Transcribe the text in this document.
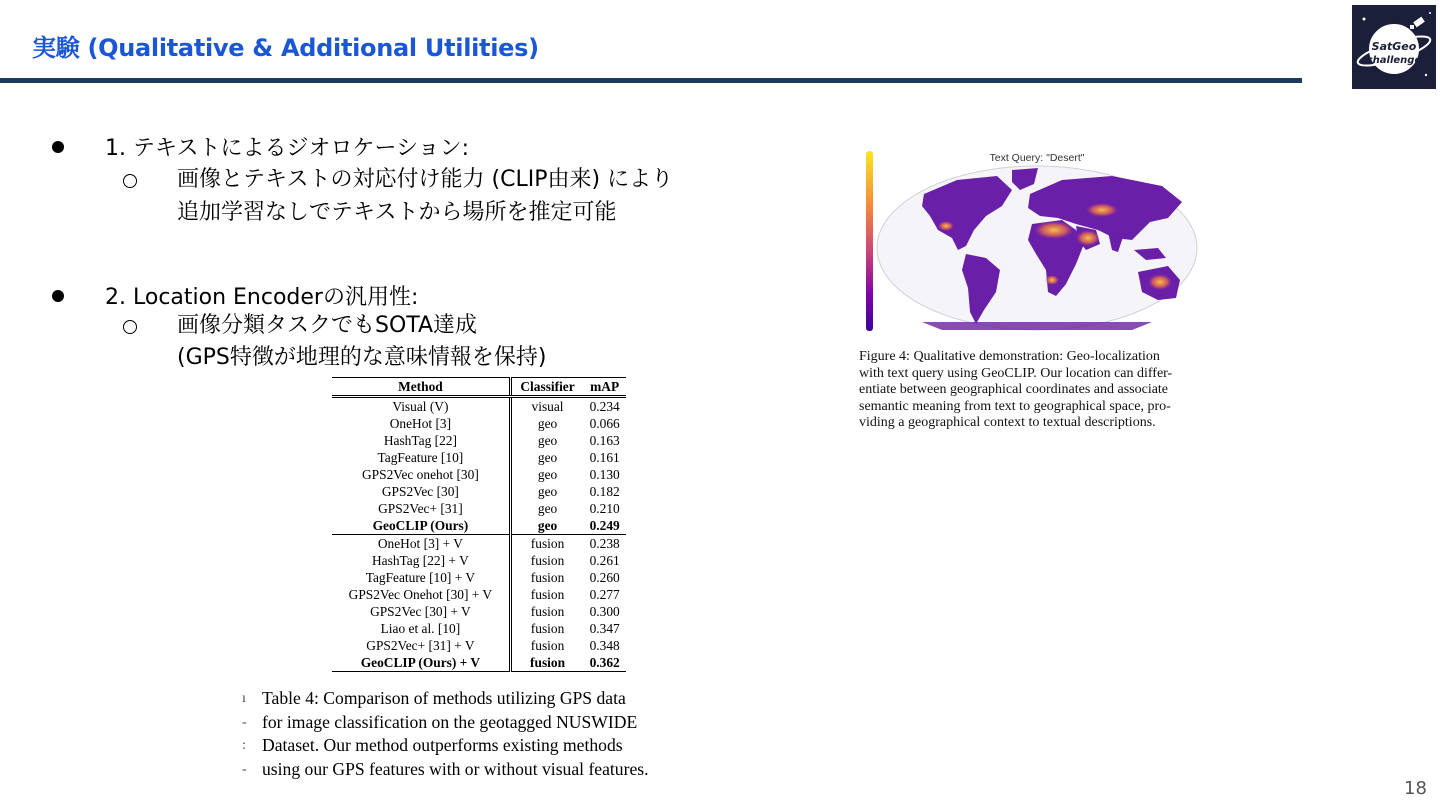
実験 (Qualitative & Additional Utilities)	SatGeo
challenge
1. テキストによるジオロケーション:
画像とテキストの対応付け能力 (CLIP由来) により
追加学習なしでテキストから場所を推定可能
2. Location Encoderの汎用性:
画像分類タスクでもSOTA達成
(GPS特徴が地理的な意味情報を保持)
Method	Classifier	mAP
Visual (V)	visual	0.234
OneHot [3]	geo	0.066
HashTag [22]	geo	0.163
TagFeature [10]	geo	0.161
GPS2Vec onehot [30]	geo	0.130
GPS2Vec [30]	geo	0.182
GPS2Vec+ [31]	geo	0.210
GeoCLIP (Ours)	geo	0.249
OneHot [3] + V	fusion	0.238
HashTag [22] + V	fusion	0.261
TagFeature [10] + V	fusion	0.260
GPS2Vec Onehot [30] + V	fusion	0.277
GPS2Vec [30] + V	fusion	0.300
Liao et al. [10]	fusion	0.347
GPS2Vec+ [31] + V	fusion	0.348
GeoCLIP (Ours) + V	fusion	0.362
ı Table 4: Comparison of methods utilizing GPS data
- for image classification on the geotagged NUSWIDE
: Dataset. Our method outperforms existing methods
- using our GPS features with or without visual features.
Text Query: "Desert"
Figure 4: Qualitative demonstration: Geo-localization
with text query using GeoCLIP. Our location can differ-
entiate between geographical coordinates and associate
semantic meaning from text to geographical space, pro-
viding a geographical context to textual descriptions.
18
